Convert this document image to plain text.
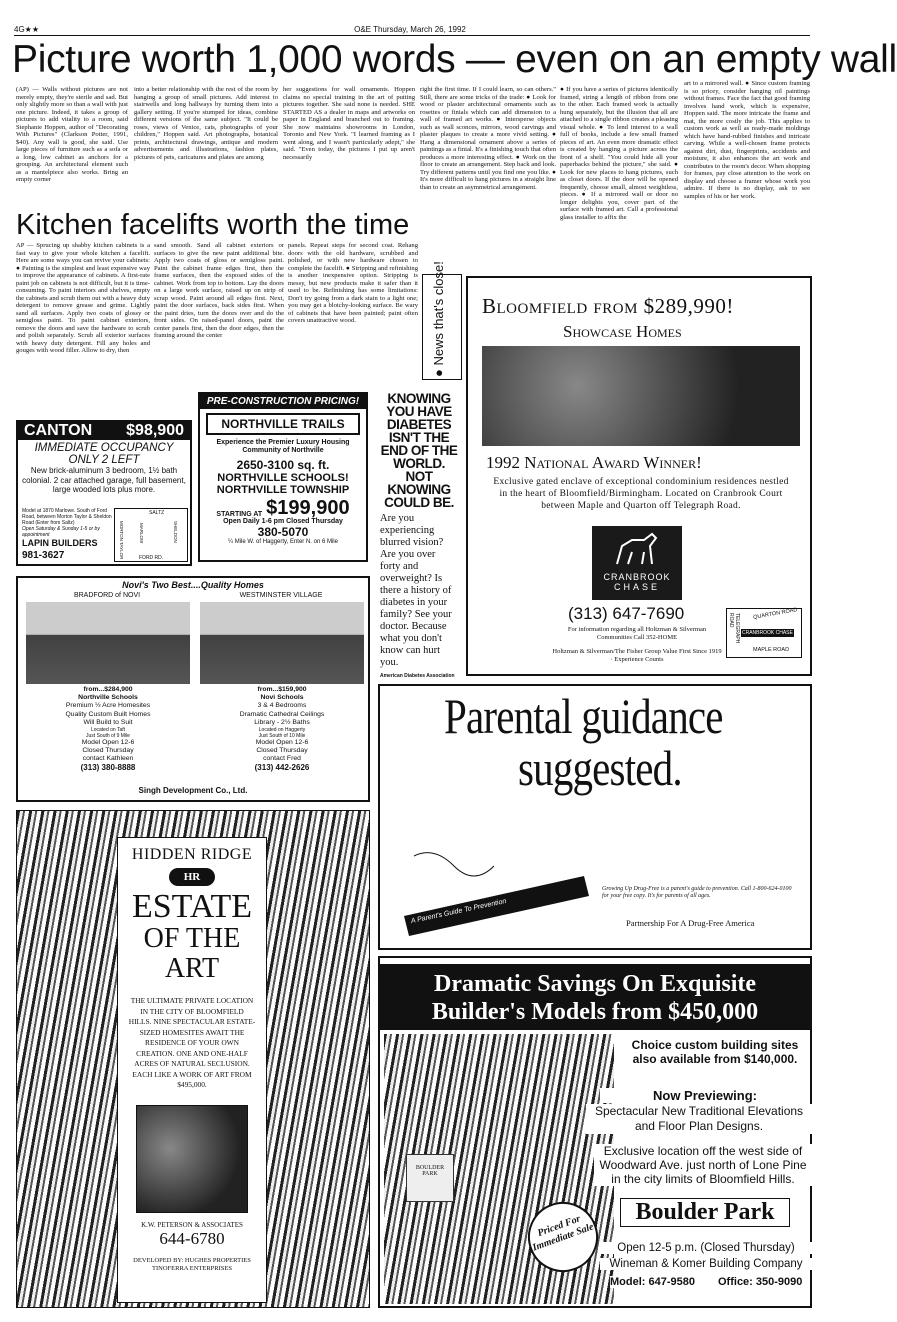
4G★★	O&E Thursday, March 26, 1992
Picture worth 1,000 words — even on an empty wall
(AP) — Walls without pictures are not merely empty, they're sterile and sad. But only slightly more so than a wall with just one picture. Indeed, it takes a group of pictures to add vitality to a room, said Stephanie Hoppen, author of "Decorating With Pictures" (Clarkson Potter, 1991, $40). Any wall is good, she said. Use large pieces of furniture such as a sofa or a long, low cabinet as anchors for a grouping. An architectural element such as a mantelpiece also works. Bring an empty corner
into a better relationship with the rest of the room by hanging a group of small pictures. Add interest to stairwells and long hallways by turning them into a gallery setting. If you're stumped for ideas, combine different versions of the same subject. "It could be roses, views of Venice, cats, photographs of your children," Hoppen said. Art photographs, botanical prints, architectural drawings, antique and modern advertisements and illustrations, fashion plates, pictures of pets, caricatures and plates are among
her suggestions for wall ornaments. Hoppen claims no special training in the art of putting pictures together. She said none is needed. SHE STARTED AS a dealer in maps and artworks on paper in England and branched out to framing. She now maintains showrooms in London, Toronto and New York. "I learned framing as I went along, and I wasn't particularly adept," she said. "Even today, the pictures I put up aren't necessarily
right the first time. If I could learn, so can others." Still, there are some tricks of the trade: ● Look for wood or plaster architectural ornaments such as rosettes or finials which can add dimension to a wall of framed art works. ● Intersperse objects such as wall sconces, mirrors, wood carvings and plaster plaques to create a more vivid setting. ● Hang a dimensional ornament above a series of paintings as a finial. It's a finishing touch that often produces a more interesting effect. ● Work on the floor to create an arrangement. Step back and look. Try different patterns until you find one you like. ● It's more difficult to hang pictures in a straight line than to create an asymmetrical arrangement.
● If you have a series of pictures identically framed, string a length of ribbon from one to the other. Each framed work is actually hung separately, but the illusion that all are attached to a single ribbon creates a pleasing visual whole. ● To lend interest to a wall full of books, include a few small framed pieces of art. An even more dramatic effect is created by hanging a picture across the front of a shelf. "You could hide all your paperbacks behind the picture," she said. ● Look for new places to hang pictures, such as closet doors. If the door will be opened frequently, choose small, almost weightless, pieces. ● If a mirrored wall or door no longer delights you, cover part of the surface with framed art. Call a professional glass installer to affix the
art to a mirrored wall. ● Since custom framing is so pricey, consider hanging oil paintings without frames. Face the fact that good framing involves hand work, which is expensive, Hoppen said. The more intricate the frame and mat, the more costly the job. This applies to custom work as well as ready-made moldings which have hand-rubbed finishes and intricate carving. While a well-chosen frame protects against dirt, dust, fingerprints, accidents and moisture, it also enhances the art work and contributes to the room's decor. When shopping for frames, pay close attention to the work on display and choose a framer whose work you admire. If there is no display, ask to see samples of his or her work.
Kitchen facelifts worth the time
AP — Sprucing up shabby kitchen cabinets is a fast way to give your whole kitchen a facelift. Here are some ways you can revive your cabinets: ● Painting is the simplest and least expensive way to improve the appearance of cabinets. A first-rate paint job on cabinets is not difficult, but it is time-consuming. To paint interiors and shelves, empty the cabinets and scrub them out with a heavy duty detergent to remove grease and grime. Lightly sand all surfaces. Apply two coats of glossy or semigloss paint. To paint cabinet exteriors, remove the doors and save the hardware to scrub and polish separately. Scrub all exterior surfaces with heavy duty detergent. Fill any holes and gouges with wood filler. Allow to dry, then
sand smooth. Sand all cabinet exteriors or surfaces to give the new paint additional bite. Apply two coats of gloss or semigloss paint. Paint the cabinet frame edges first, then the frame surfaces, then the exposed sides of the cabinet. Work from top to bottom. Lay the doors on a large work surface, raised up on strip of scrap wood. Paint around all edges first. Next, paint the door surfaces, back sides first. When the paint dries, turn the doors over and do the front sides. On raised-panel doors, paint the center panels first, then the door edges, then the framing around the center
panels. Repeat steps for second coat. Rehang doors with the old hardware, scrubbed and polished, or with new hardware chosen to complete the facelift. ● Stripping and refinishing is another inexpensive option. Stripping is messy, but new products make it safer than it used to be. Refinishing has some limitations: Don't try going from a dark stain to a light one; you may get a blotchy-looking surface. Be wary of cabinets that have been painted; paint often covers unattractive wood.	● News that's close! Bloomfield from $289,990!
Showcase Homes
1992 National Award Winner!
Exclusive gated enclave of exceptional condominium residences nestled in the heart of Bloomfield/Birmingham. Located on Cranbrook Court between Maple and Quarton off Telegraph Road.
CRANBROOK
CHASE
(313) 647-7690
For information regarding all Holtzman & Silverman Communities Call 352-HOME
Holtzman & Silverman/The Fisher Group Value First Since 1919 · Experience Counts
QUARTON ROAD
TELEGRAPH ROAD
CRANBROOK CHASE
MAPLE ROAD
PRE-CONSTRUCTION PRICING!
NORTHVILLE TRAILS
Experience the Premier Luxury Housing Community of Northville
2650-3100 sq. ft.
NORTHVILLE SCHOOLS!
NORTHVILLE TOWNSHIP
STARTING AT $199,900
Open Daily 1-6 pm Closed Thursday
380-5070
¼ Mile W. of Haggerty, Enter N. on 6 Mile
CANTON $98,900
IMMEDIATE OCCUPANCY
ONLY 2 LEFT
New brick-aluminum 3 bedroom, 1½ bath colonial. 2 car attached garage, full basement, large wooded lots plus more.
Model at 1870 Marlowe. South of Ford Road, between Morton Taylor & Sheldon Road (Enter from Saltz)
Open Saturday & Sunday 1-5 or by appointment
LAPIN BUILDERS
981-3627
SALTZ
MORTON TAYLOR	MARLOW	SHELDON
FORD RD.
KNOWING YOU HAVE DIABETES ISN'T THE END OF THE WORLD. NOT KNOWING COULD BE.
Are you experiencing blurred vision? Are you over forty and overweight? Is there a history of diabetes in your family? See your doctor. Because what you don't know can hurt you.
American Diabetes Association
Novi's Two Best....Quality Homes
BRADFORD of NOVI	WESTMINSTER VILLAGE
from...$284,900
Northville Schools
Premium ½ Acre Homesites
Quality Custom Built Homes
Will Build to Suit
Located on Taft
Just South of 9 Mile
Model Open 12-6
Closed Thursday
contact Kathleen
(313) 380-8888
from...$159,900
Novi Schools
3 & 4 Bedrooms
Dramatic Cathedral Ceilings
Library - 2½ Baths
Located on Haggerty
Just South of 10 Mile
Model Open 12-6
Closed Thursday
contact Fred
(313) 442-2626
Singh Development Co., Ltd.
Parental guidance
suggested.
A Parent's Guide To Prevention
Growing Up Drug-Free is a parent's guide to prevention. Call 1-800-624-0100 for your free copy. It's for parents of all ages.
Partnership For A Drug-Free America
HIDDEN RIDGE
HR
ESTATE
OF THE ART
THE ULTIMATE PRIVATE LOCATION IN THE CITY OF BLOOMFIELD HILLS. NINE SPECTACULAR ESTATE-SIZED HOMESITES AWAIT THE RESIDENCE OF YOUR OWN CREATION. ONE AND ONE-HALF ACRES OF NATURAL SECLUSION. EACH LIKE A WORK OF ART FROM $495,000.
K.W. PETERSON & ASSOCIATES
644-6780
DEVELOPED BY: HUGHES PROPERTIES TINOFERRA ENTERPRISES
Dramatic Savings On Exquisite Builder's Models from $450,000
BOULDER
PARK
Choice custom building sites also available from $140,000.
Now Previewing:
Spectacular New Traditional Elevations and Floor Plan Designs.
Exclusive location off the west side of Woodward Ave. just north of Lone Pine in the city limits of Bloomfield Hills.
Boulder Park
Priced For Immediate Sale	Open 12-5 p.m. (Closed Thursday)
Wineman & Komer Building Company
Model: 647-9580 Office: 350-9090
